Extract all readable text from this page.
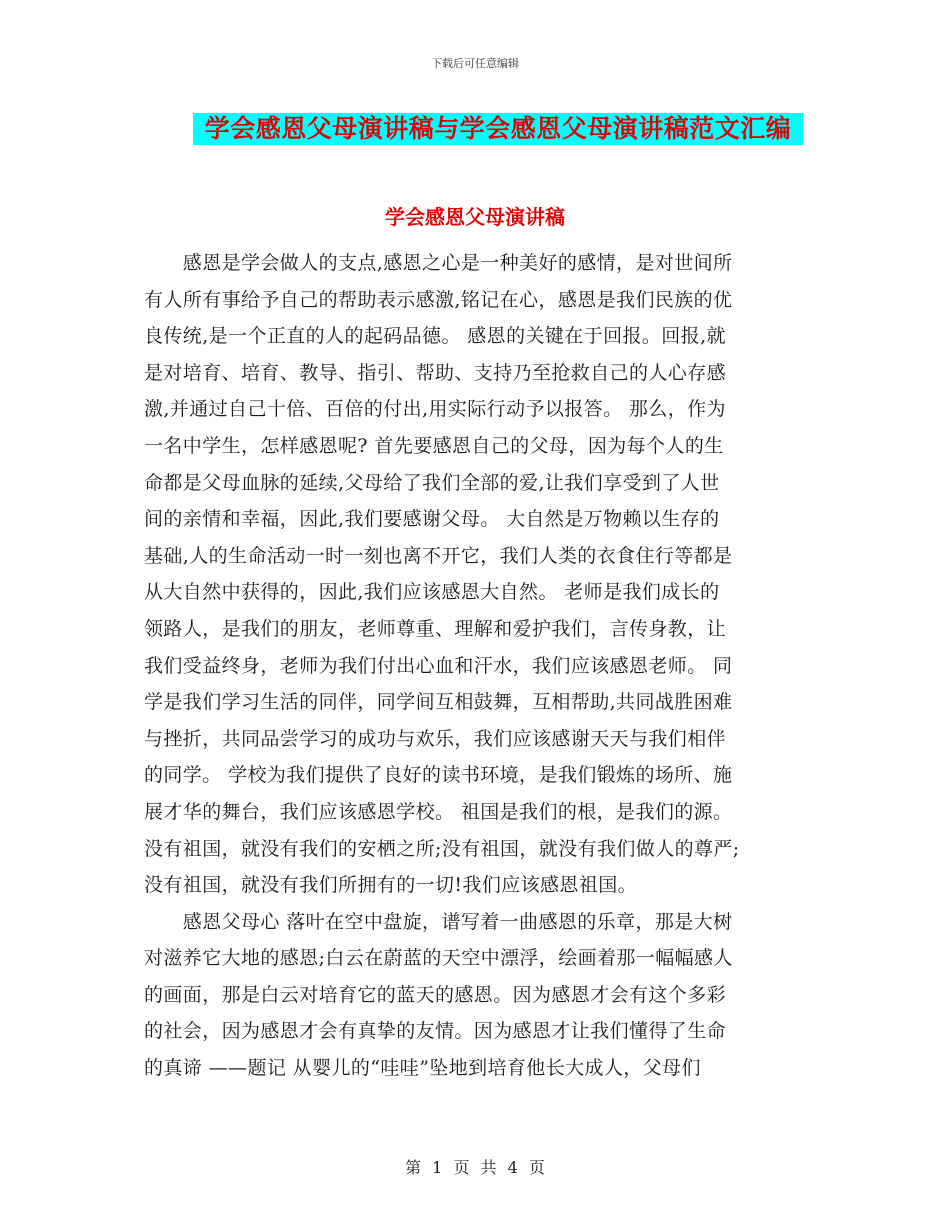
下载后可任意编辑
学会感恩父母演讲稿与学会感恩父母演讲稿范文汇编
学会感恩父母演讲稿
　　感恩是学会做人的支点,感恩之心是一种美好的感情，是对世间所
有人所有事给予自己的帮助表示感激,铭记在心，感恩是我们民族的优
良传统,是一个正直的人的起码品德。 感恩的关键在于回报。回报,就
是对培育、培育、教导、指引、帮助、支持乃至抢救自己的人心存感
激,并通过自己十倍、百倍的付出,用实际行动予以报答。 那么，作为
一名中学生，怎样感恩呢? 首先要感恩自己的父母，因为每个人的生
命都是父母血脉的延续,父母给了我们全部的爱,让我们享受到了人世
间的亲情和幸福，因此,我们要感谢父母。 大自然是万物赖以生存的
基础,人的生命活动一时一刻也离不开它，我们人类的衣食住行等都是
从大自然中获得的，因此,我们应该感恩大自然。 老师是我们成长的
领路人，是我们的朋友，老师尊重、理解和爱护我们，言传身教，让
我们受益终身，老师为我们付出心血和汗水，我们应该感恩老师。 同
学是我们学习生活的同伴，同学间互相鼓舞，互相帮助,共同战胜困难
与挫折，共同品尝学习的成功与欢乐，我们应该感谢天天与我们相伴
的同学。 学校为我们提供了良好的读书环境，是我们锻炼的场所、施
展才华的舞台，我们应该感恩学校。 祖国是我们的根，是我们的源。
没有祖国，就没有我们的安栖之所;没有祖国，就没有我们做人的尊严;
没有祖国，就没有我们所拥有的一切!我们应该感恩祖国。
　　感恩父母心 落叶在空中盘旋，谱写着一曲感恩的乐章，那是大树
对滋养它大地的感恩;白云在蔚蓝的天空中漂浮，绘画着那一幅幅感人
的画面，那是白云对培育它的蓝天的感恩。因为感恩才会有这个多彩
的社会，因为感恩才会有真挚的友情。因为感恩才让我们懂得了生命
的真谛 ——题记 从婴儿的“哇哇”坠地到培育他长大成人，父母们
第 1 页 共 4 页
